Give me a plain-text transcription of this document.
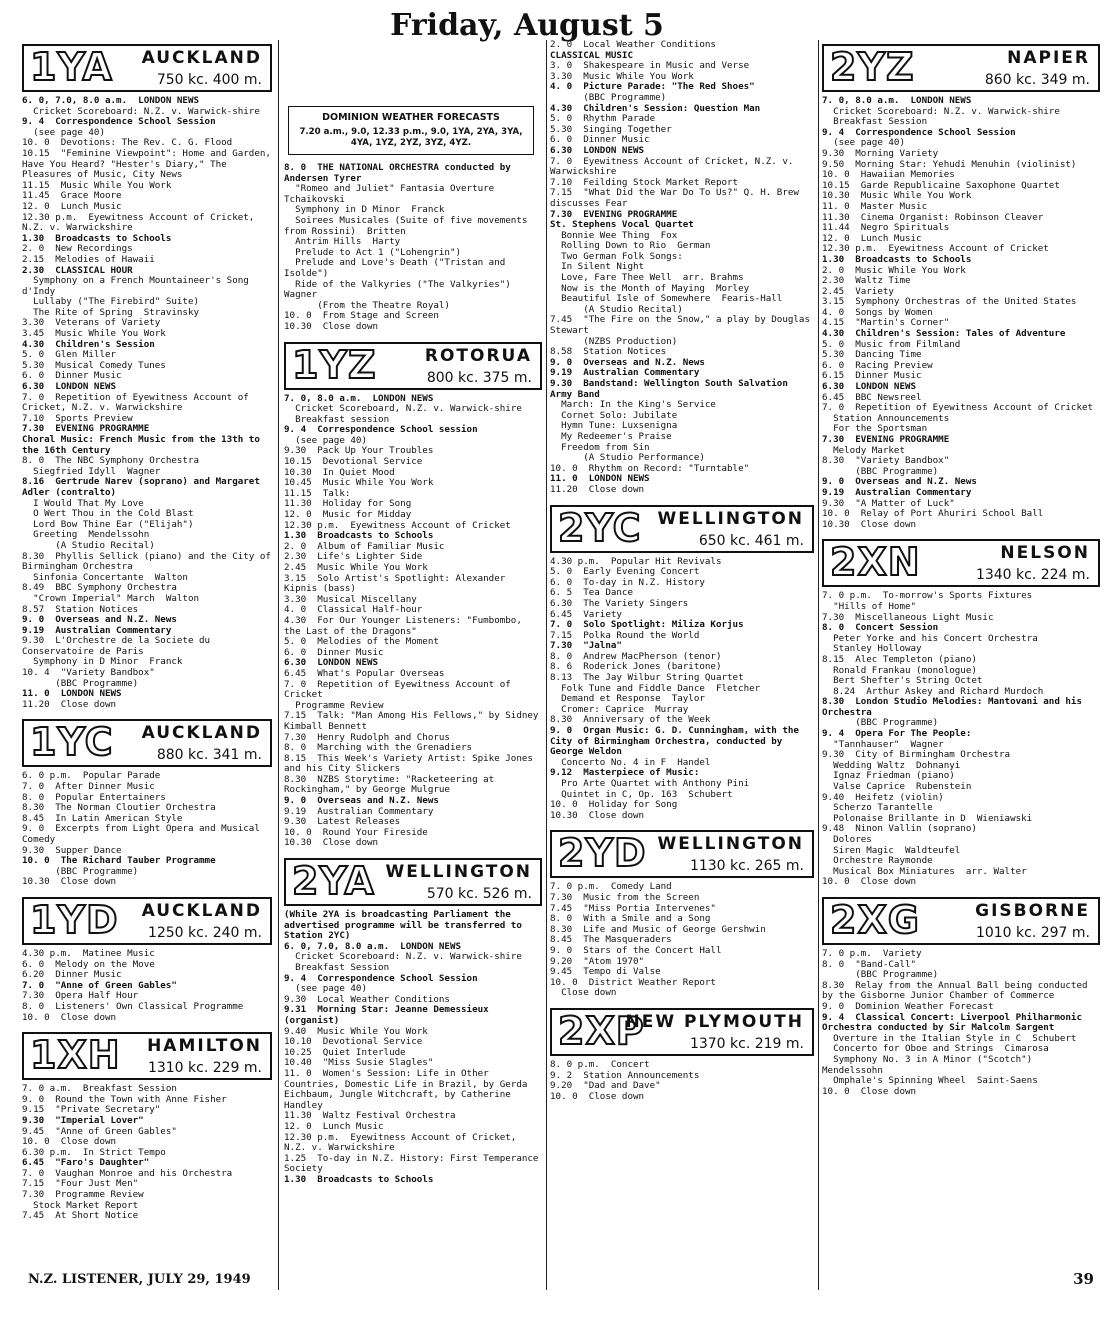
Friday, August 5
1YA AUCKLAND
750 kc. 400 m.
6. 0, 7.0, 8.0 a.m.  LONDON NEWS
Cricket Scoreboard: N.Z. v. Warwick-shire
9. 4  Correspondence School Session
(see page 40)
10. 0  Devotions: The Rev. C. G. Flood
10.15  "Feminine Viewpoint": Home and Garden, Have You Heard? "Hester's Diary," The Pleasures of Music, City News
11.15  Music While You Work
11.45  Grace Moore
12. 0  Lunch Music
12.30 p.m.  Eyewitness Account of Cricket, N.Z. v. Warwickshire
1.30  Broadcasts to Schools
2. 0  New Recordings
2.15  Melodies of Hawaii
2.30  CLASSICAL HOUR
Symphony on a French Mountaineer's Song  d'Indy
Lullaby ("The Firebird" Suite)
The Rite of Spring  Stravinsky
3.30  Veterans of Variety
3.45  Music While You Work
4.30  Children's Session
5. 0  Glen Miller
5.30  Musical Comedy Tunes
6. 0  Dinner Music
6.30  LONDON NEWS
7. 0  Repetition of Eyewitness Account of Cricket, N.Z. v. Warwickshire
7.10  Sports Preview
7.30  EVENING PROGRAMME
Choral Music: French Music from the 13th to the 16th Century
8. 0  The NBC Symphony Orchestra
Siegfried Idyll  Wagner
8.16  Gertrude Narev (soprano) and Margaret Adler (contralto)
I Would That My Love
O Wert Thou in the Cold Blast
Lord Bow Thine Ear ("Elijah")
Greeting  Mendelssohn
(A Studio Recital)
8.30  Phyllis Sellick (piano) and the City of Birmingham Orchestra
Sinfonia Concertante  Walton
8.49  BBC Symphony Orchestra
"Crown Imperial" March  Walton
8.57  Station Notices
9. 0  Overseas and N.Z. News
9.19  Australian Commentary
9.30  L'Orchestre de la Societe du Conservatoire de Paris
Symphony in D Minor  Franck
10. 4  "Variety Bandbox"
(BBC Programme)
11. 0  LONDON NEWS
11.20  Close down
1YC AUCKLAND
880 kc. 341 m.
6. 0 p.m.  Popular Parade
7. 0  After Dinner Music
8. 0  Popular Entertainers
8.30  The Norman Cloutier Orchestra
8.45  In Latin American Style
9. 0  Excerpts from Light Opera and Musical Comedy
9.30  Supper Dance
10. 0  The Richard Tauber Programme
(BBC Programme)
10.30  Close down
1YD AUCKLAND
1250 kc. 240 m.
4.30 p.m.  Matinee Music
6. 0  Melody on the Move
6.20  Dinner Music
7. 0  "Anne of Green Gables"
7.30  Opera Half Hour
8. 0  Listeners' Own Classical Programme
10. 0  Close down
1XH HAMILTON
1310 kc. 229 m.
7. 0 a.m.  Breakfast Session
9. 0  Round the Town with Anne Fisher
9.15  "Private Secretary"
9.30  "Imperial Lover"
9.45  "Anne of Green Gables"
10. 0  Close down
6.30 p.m.  In Strict Tempo
6.45  "Faro's Daughter"
7. 0  Vaughan Monroe and his Orchestra
7.15  "Four Just Men"
7.30  Programme Review
Stock Market Report
7.45  At Short Notice
DOMINION WEATHER FORECASTS
7.20 a.m., 9.0, 12.33 p.m., 9.0, 1YA, 2YA, 3YA, 4YA, 1YZ, 2YZ, 3YZ, 4YZ.
8. 0  THE NATIONAL ORCHESTRA conducted by Andersen Tyrer
"Romeo and Juliet" Fantasia Overture  Tchaikovski
Symphony in D Minor  Franck
Soirees Musicales (Suite of five movements from Rossini)  Britten
Antrim Hills  Harty
Prelude to Act 1 ("Lohengrin")
Prelude and Love's Death ("Tristan and Isolde")
Ride of the Valkyries ("The Valkyries")  Wagner
(From the Theatre Royal)
10. 0  From Stage and Screen
10.30  Close down
1YZ	ROTORUA
800 kc. 375 m.
7. 0, 8.0 a.m.  LONDON NEWS
Cricket Scoreboard, N.Z. v. Warwick-shire
Breakfast session
9. 4  Correspondence School session
(see page 40)
9.30  Pack Up Your Troubles
10.15  Devotional Service
10.30  In Quiet Mood
10.45  Music While You Work
11.15  Talk:
11.30  Holiday for Song
12. 0  Music for Midday
12.30 p.m.  Eyewitness Account of Cricket
1.30  Broadcasts to Schools
2. 0  Album of Familiar Music
2.30  Life's Lighter Side
2.45  Music While You Work
3.15  Solo Artist's Spotlight: Alexander Kipnis (bass)
3.30  Musical Miscellany
4. 0  Classical Half-hour
4.30  For Our Younger Listeners: "Fumbombo, the Last of the Dragons"
5. 0  Melodies of the Moment
6. 0  Dinner Music
6.30  LONDON NEWS
6.45  What's Popular Overseas
7. 0  Repetition of Eyewitness Account of Cricket
Programme Review
7.15  Talk: "Man Among His Fellows," by Sidney Kimball Bennett
7.30  Henry Rudolph and Chorus
8. 0  Marching with the Grenadiers
8.15  This Week's Variety Artist: Spike Jones and his City Slickers
8.30  NZBS Storytime: "Racketeering at Rockingham," by George Mulgrue
9. 0  Overseas and N.Z. News
9.19  Australian Commentary
9.30  Latest Releases
10. 0  Round Your Fireside
10.30  Close down
2YA WELLINGTON
570 kc. 526 m.
(While 2YA is broadcasting Parliament the advertised programme will be transferred to Station 2YC)
6. 0, 7.0, 8.0 a.m.  LONDON NEWS
Cricket Scoreboard: N.Z. v. Warwick-shire
Breakfast Session
9. 4  Correspondence School Session
(see page 40)
9.30  Local Weather Conditions
9.31  Morning Star: Jeanne Demessieux (organist)
9.40  Music While You Work
10.10  Devotional Service
10.25  Quiet Interlude
10.40  "Miss Susie Slagles"
11. 0  Women's Session: Life in Other Countries, Domestic Life in Brazil, by Gerda Eichbaum, Jungle Witchcraft, by Catherine Handley
11.30  Waltz Festival Orchestra
12. 0  Lunch Music
12.30 p.m.  Eyewitness Account of Cricket, N.Z. v. Warwickshire
1.25  To-day in N.Z. History: First Temperance Society
1.30  Broadcasts to Schools
2. 0  Local Weather Conditions
CLASSICAL MUSIC
3. 0  Shakespeare in Music and Verse
3.30  Music While You Work
4. 0  Picture Parade: "The Red Shoes"
(BBC Programme)
4.30  Children's Session: Question Man
5. 0  Rhythm Parade
5.30  Singing Together
6. 0  Dinner Music
6.30  LONDON NEWS
7. 0  Eyewitness Account of Cricket, N.Z. v. Warwickshire
7.10  Feilding Stock Market Report
7.15  "What Did the War Do To Us?" Q. H. Brew discusses Fear
7.30  EVENING PROGRAMME
St. Stephens Vocal Quartet
Bonnie Wee Thing  Fox
Rolling Down to Rio  German
Two German Folk Songs:
In Silent Night
Love, Fare Thee Well  arr. Brahms
Now is the Month of Maying  Morley
Beautiful Isle of Somewhere  Fearis-Hall
(A Studio Recital)
7.45  "The Fire on the Snow," a play by Douglas Stewart
(NZBS Production)
8.58  Station Notices
9. 0  Overseas and N.Z. News
9.19  Australian Commentary
9.30  Bandstand: Wellington South Salvation Army Band
March: In the King's Service
Cornet Solo: Jubilate
Hymn Tune: Luxsenigna
My Redeemer's Praise
Freedom from Sin
(A Studio Performance)
10. 0  Rhythm on Record: "Turntable"
11. 0  LONDON NEWS
11.20  Close down
2YC WELLINGTON
650 kc. 461 m.
4.30 p.m.  Popular Hit Revivals
5. 0  Early Evening Concert
6. 0  To-day in N.Z. History
6. 5  Tea Dance
6.30  The Variety Singers
6.45  Variety
7. 0  Solo Spotlight: Miliza Korjus
7.15  Polka Round the World
7.30  "Jalna"
8. 0  Andrew MacPherson (tenor)
8. 6  Roderick Jones (baritone)
8.13  The Jay Wilbur String Quartet
Folk Tune and Fiddle Dance  Fletcher
Demand et Response  Taylor
Cromer: Caprice  Murray
8.30  Anniversary of the Week
9. 0  Organ Music: G. D. Cunningham, with the City of Birmingham Orchestra, conducted by George Weldon
Concerto No. 4 in F  Handel
9.12  Masterpiece of Music:
Pro Arte Quartet with Anthony Pini
Quintet in C, Op. 163  Schubert
10. 0  Holiday for Song
10.30  Close down
2YD WELLINGTON
1130 kc. 265 m.
7. 0 p.m.  Comedy Land
7.30  Music from the Screen
7.45  "Miss Portia Intervenes"
8. 0  With a Smile and a Song
8.30  Life and Music of George Gershwin
8.45  The Masqueraders
9. 0  Stars of the Concert Hall
9.20  "Atom 1970"
9.45  Tempo di Valse
10. 0  District Weather Report
Close down
2XP
NEW PLYMOUTH
1370 kc. 219 m.
8. 0 p.m.  Concert
9. 2  Station Announcements
9.20  "Dad and Dave"
10. 0  Close down
2YZ	NAPIER
860 kc. 349 m.
7. 0, 8.0 a.m.  LONDON NEWS
Cricket Scoreboard: N.Z. v. Warwick-shire
Breakfast Session
9. 4  Correspondence School Session
(see page 40)
9.30  Morning Variety
9.50  Morning Star: Yehudi Menuhin (violinist)
10. 0  Hawaiian Memories
10.15  Garde Republicaine Saxophone Quartet
10.30  Music While You Work
11. 0  Master Music
11.30  Cinema Organist: Robinson Cleaver
11.44  Negro Spirituals
12. 0  Lunch Music
12.30 p.m.  Eyewitness Account of Cricket
1.30  Broadcasts to Schools
2. 0  Music While You Work
2.30  Waltz Time
2.45  Variety
3.15  Symphony Orchestras of the United States
4. 0  Songs by Women
4.15  "Martin's Corner"
4.30  Children's Session: Tales of Adventure
5. 0  Music from Filmland
5.30  Dancing Time
6. 0  Racing Preview
6.15  Dinner Music
6.30  LONDON NEWS
6.45  BBC Newsreel
7. 0  Repetition of Eyewitness Account of Cricket
Station Announcements
For the Sportsman
7.30  EVENING PROGRAMME
Melody Market
8.30  "Variety Bandbox"
(BBC Programme)
9. 0  Overseas and N.Z. News
9.19  Australian Commentary
9.30  "A Matter of Luck"
10. 0  Relay of Port Ahuriri School Ball
10.30  Close down
2XN	NELSON
1340 kc. 224 m.
7. 0 p.m.  To-morrow's Sports Fixtures
"Hills of Home"
7.30  Miscellaneous Light Music
8. 0  Concert Session
Peter Yorke and his Concert Orchestra
Stanley Holloway
8.15  Alec Templeton (piano)
Ronald Frankau (monologue)
Bert Shefter's String Octet
8.24  Arthur Askey and Richard Murdoch
8.30  London Studio Melodies: Mantovani and his Orchestra
(BBC Programme)
9. 4  Opera For The People:
"Tannhauser"  Wagner
9.30  City of Birmingham Orchestra
Wedding Waltz  Dohnanyi
Ignaz Friedman (piano)
Valse Caprice  Rubenstein
9.40  Heifetz (violin)
Scherzo Tarantelle
Polonaise Brillante in D  Wieniawski
9.48  Ninon Vallin (soprano)
Dolores
Siren Magic  Waldteufel
Orchestre Raymonde
Musical Box Miniatures  arr. Walter
10. 0  Close down
2XG	GISBORNE
1010 kc. 297 m.
7. 0 p.m.  Variety
8. 0  "Band-Call"
(BBC Programme)
8.30  Relay from the Annual Ball being conducted by the Gisborne Junior Chamber of Commerce
9. 0  Dominion Weather Forecast
9. 4  Classical Concert: Liverpool Philharmonic Orchestra conducted by Sir Malcolm Sargent
Overture in the Italian Style in C  Schubert
Concerto for Oboe and Strings  Cimarosa
Symphony No. 3 in A Minor ("Scotch")  Mendelssohn
Omphale's Spinning Wheel  Saint-Saens
10. 0  Close down
N.Z. LISTENER, JULY 29, 1949	39
